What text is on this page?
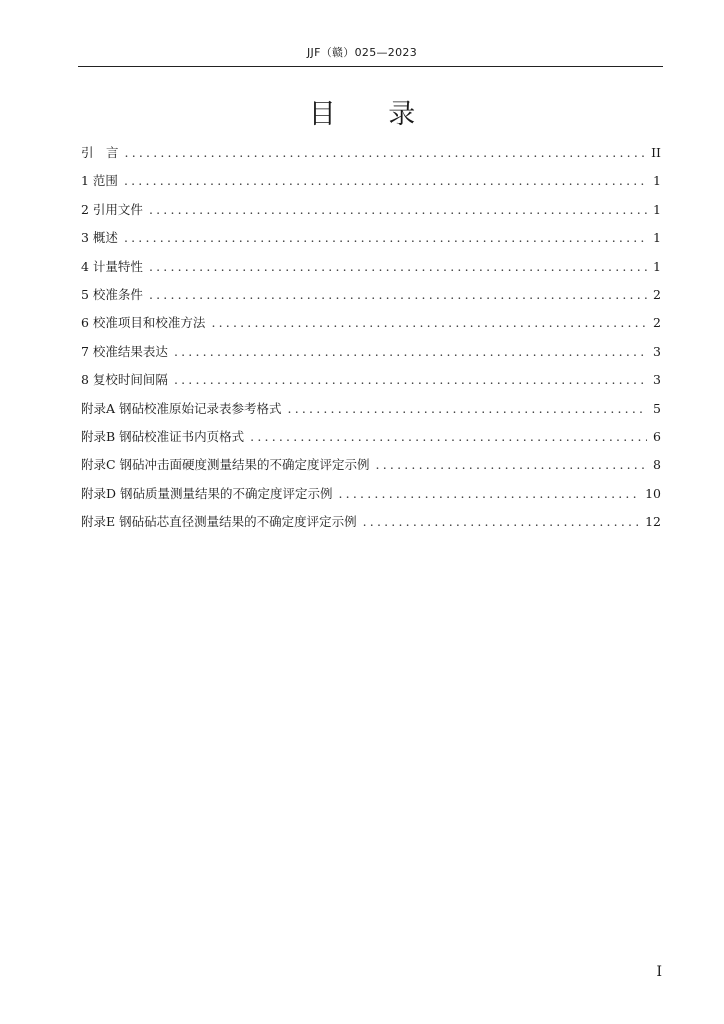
JJF（赣）025—2023
目 录
引　言 .....	II
1 范围 .....	1
2 引用文件 .....	1
3 概述 .....	1
4 计量特性 .....	1
5 校准条件 .....	2
6 校准项目和校准方法 .....	2
7 校准结果表达 .....	3
8 复校时间间隔 .....	3
附录A 钢砧校准原始记录表参考格式 .....	5
附录B 钢砧校准证书内页格式 .....	6
附录C 钢砧冲击面硬度测量结果的不确定度评定示例 .....	8
附录D 钢砧质量测量结果的不确定度评定示例 .....	10
附录E 钢砧砧芯直径测量结果的不确定度评定示例 .....	12
I
